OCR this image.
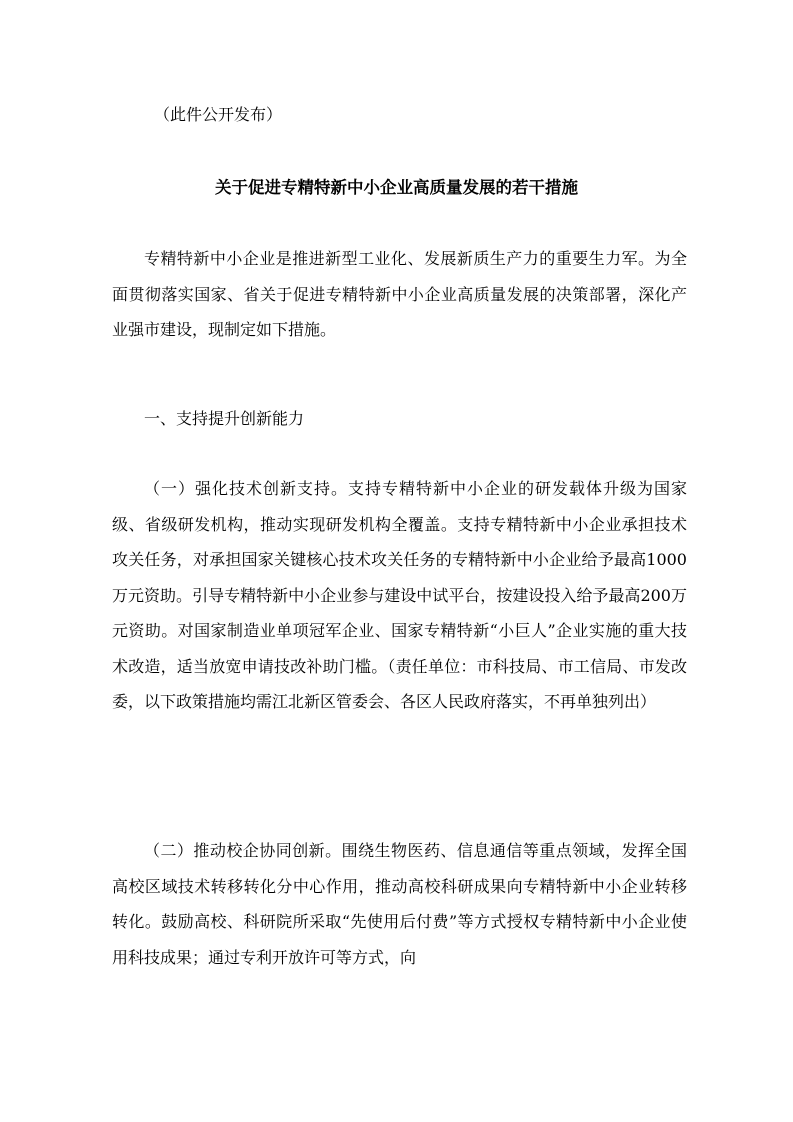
（此件公开发布）
关于促进专精特新中小企业高质量发展的若干措施

专精特新中小企业是推进新型工业化、发展新质生产力的重要生力军。为全面贯彻落实国家、省关于促进专精特新中小企业高质量发展的决策部署，深化产业强市建设，现制定如下措施。

一、支持提升创新能力

（一）强化技术创新支持。支持专精特新中小企业的研发载体升级为国家级、省级研发机构，推动实现研发机构全覆盖。支持专精特新中小企业承担技术攻关任务，对承担国家关键核心技术攻关任务的专精特新中小企业给予最高1000万元资助。引导专精特新中小企业参与建设中试平台，按建设投入给予最高200万元资助。对国家制造业单项冠军企业、国家专精特新“小巨人”企业实施的重大技术改造，适当放宽申请技改补助门槛。（责任单位：市科技局、市工信局、市发改委，以下政策措施均需江北新区管委会、各区人民政府落实，不再单独列出）

（二）推动校企协同创新。围绕生物医药、信息通信等重点领域，发挥全国高校区域技术转移转化分中心作用，推动高校科研成果向专精特新中小企业转移转化。鼓励高校、科研院所采取“先使用后付费”等方式授权专精特新中小企业使用科技成果；通过专利开放许可等方式，向
